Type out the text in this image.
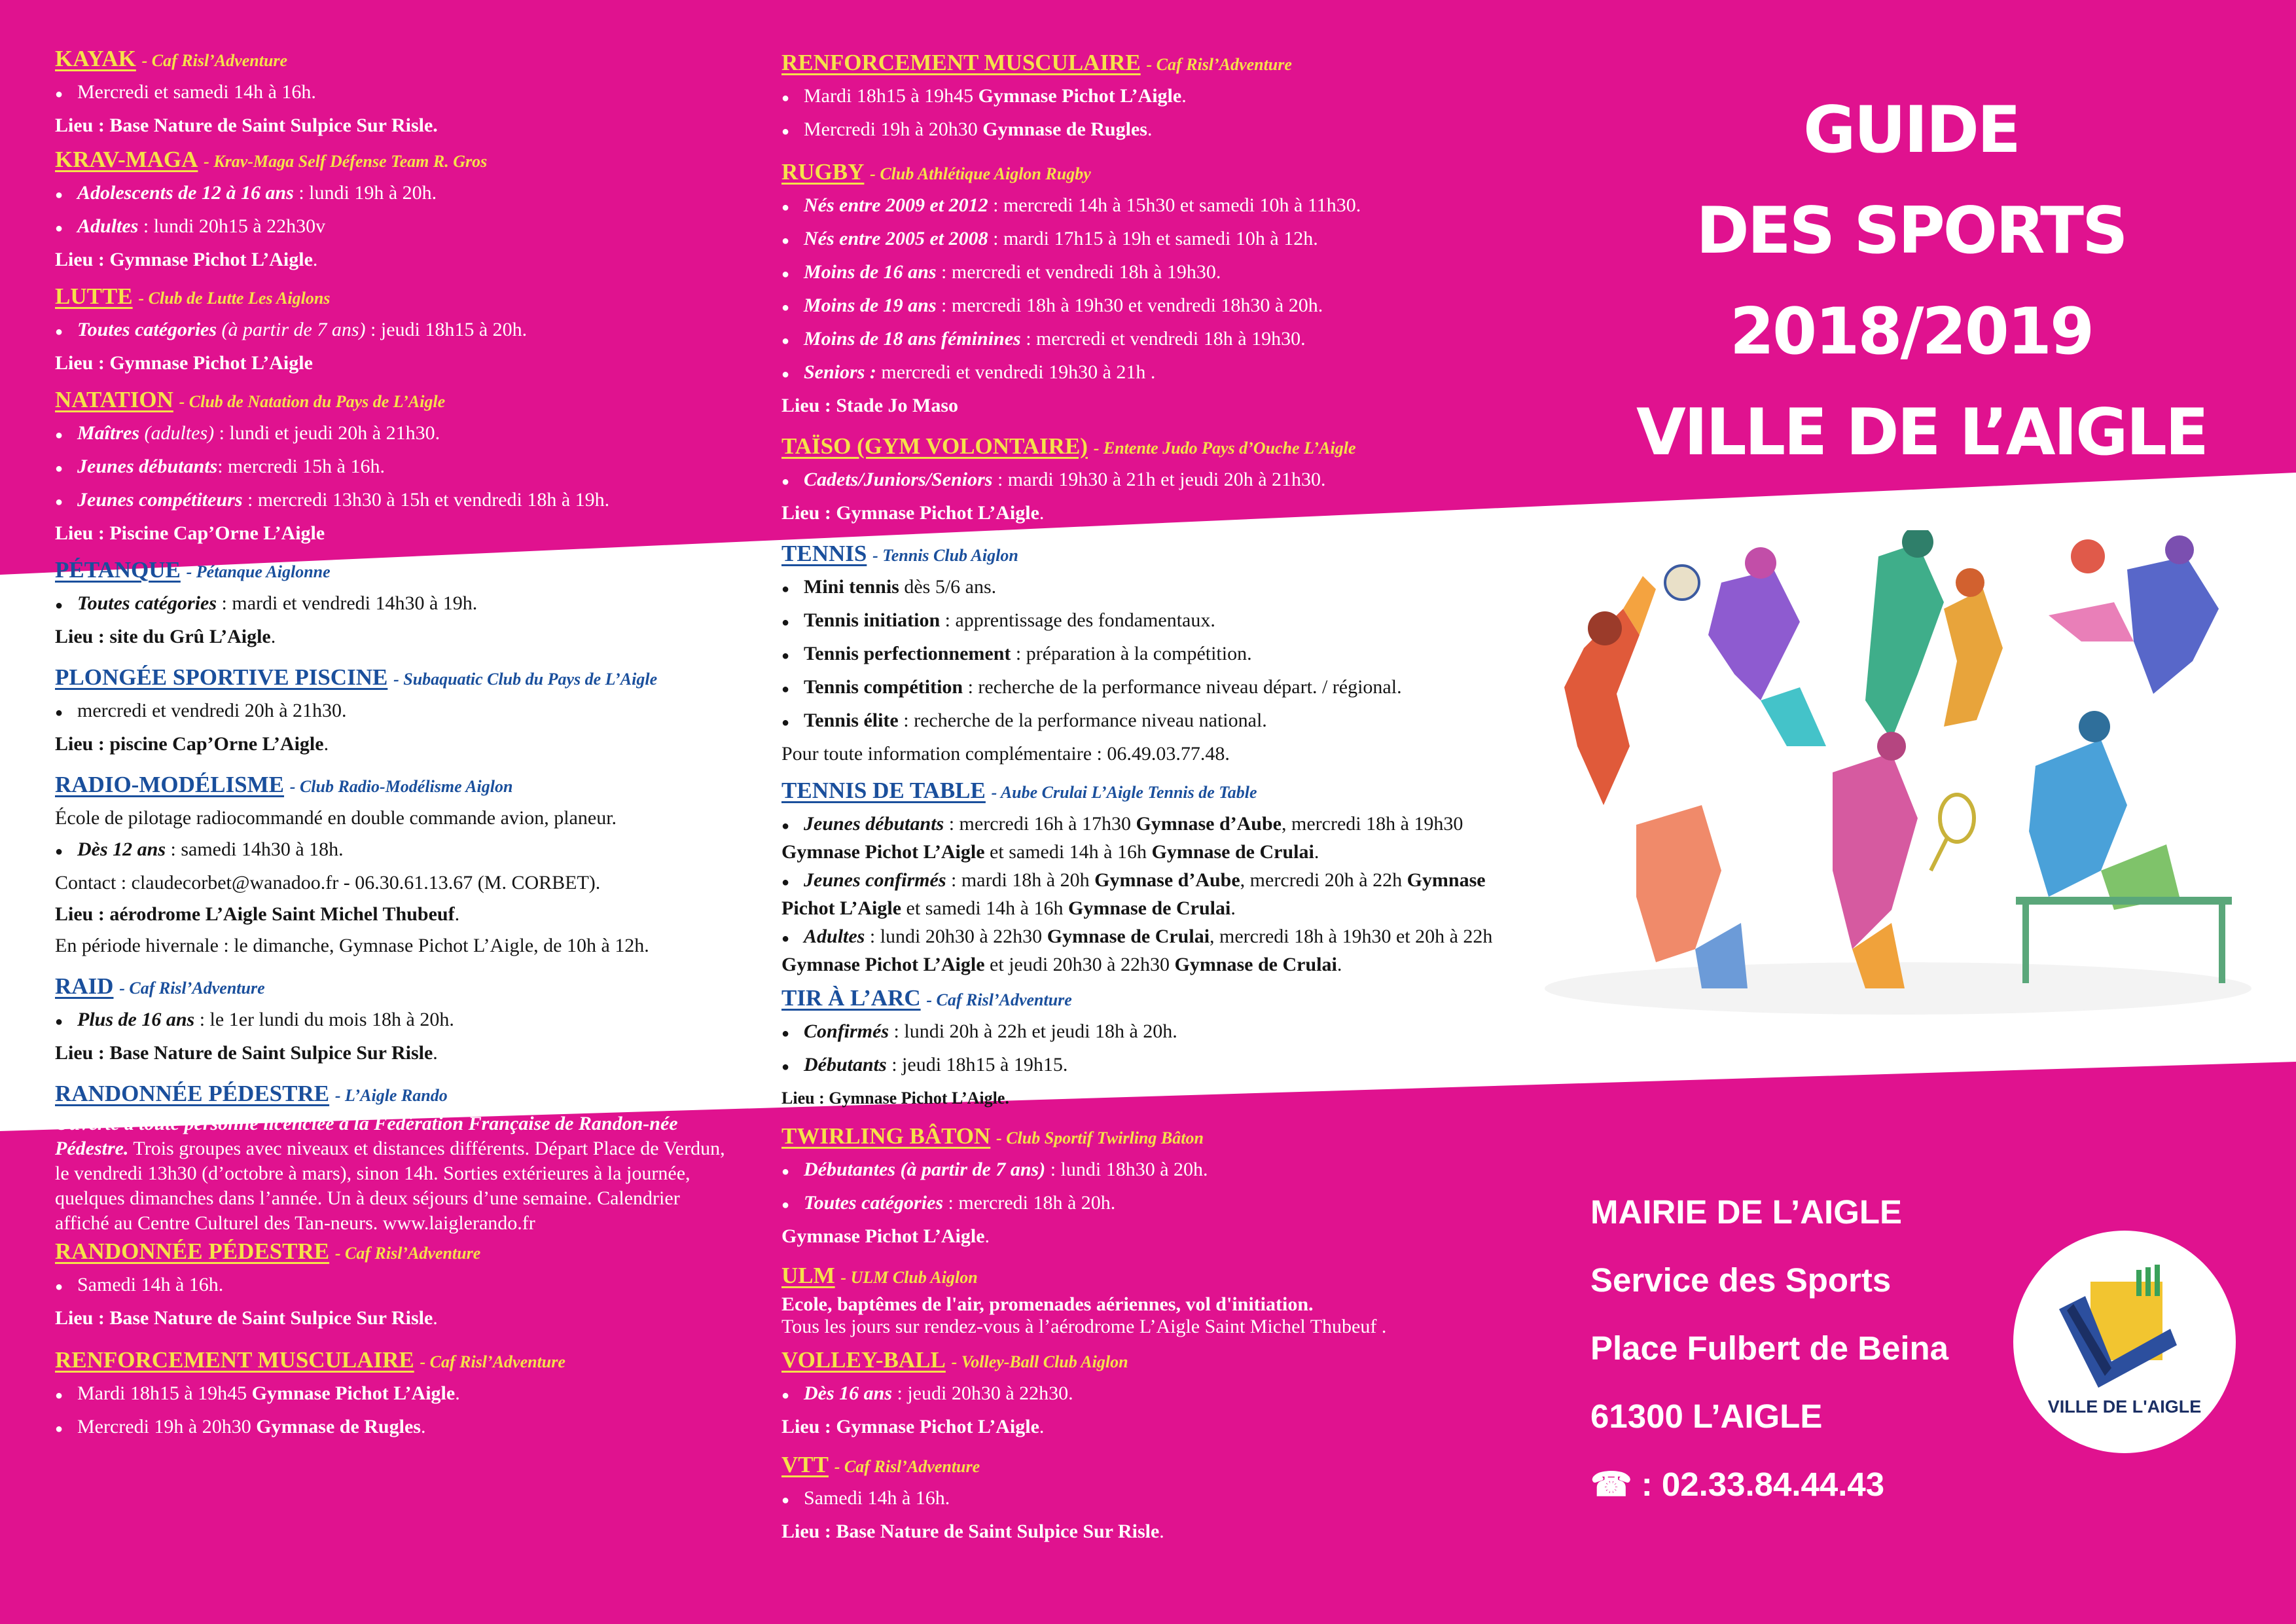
KAYAK - Caf Risl’Adventure
● Mercredi et samedi 14h à 16h.
Lieu : Base Nature de Saint Sulpice Sur Risle.
KRAV-MAGA - Krav-Maga Self Défense Team R. Gros
● Adolescents de 12 à 16 ans : lundi 19h à 20h.
● Adultes : lundi 20h15 à 22h30v
Lieu : Gymnase Pichot L’Aigle.
LUTTE - Club de Lutte Les Aiglons
● Toutes catégories (à partir de 7 ans) : jeudi 18h15 à 20h.
Lieu : Gymnase Pichot L’Aigle
NATATION - Club de Natation du Pays de L’Aigle
● Maîtres (adultes) : lundi et jeudi 20h à 21h30.
● Jeunes débutants: mercredi 15h à 16h.
● Jeunes compétiteurs : mercredi 13h30 à 15h et vendredi 18h à 19h.
Lieu : Piscine Cap’Orne L’Aigle
PÉTANQUE - Pétanque Aiglonne
● Toutes catégories : mardi et vendredi 14h30 à 19h.
Lieu : site du Grû L’Aigle.
PLONGÉE SPORTIVE PISCINE - Subaquatic Club du Pays de L’Aigle
● mercredi et vendredi 20h à 21h30.
Lieu : piscine Cap’Orne L’Aigle.
RADIO-MODÉLISME - Club Radio-Modélisme Aiglon
École de pilotage radiocommandé en double commande avion, planeur.
● Dès 12 ans : samedi 14h30 à 18h.
Contact : claudecorbet@wanadoo.fr - 06.30.61.13.67 (M. CORBET).
Lieu : aérodrome L’Aigle Saint Michel Thubeuf.
En période hivernale : le dimanche, Gymnase Pichot L’Aigle, de 10h à 12h.
RAID - Caf Risl’Adventure
● Plus de 16 ans : le 1er lundi du mois 18h à 20h.
Lieu : Base Nature de Saint Sulpice Sur Risle.
RANDONNÉE PÉDESTRE - L’Aigle Rando

Ouverte à toute personne licenciée à la Fédération Française de Randon-née Pédestre. Trois groupes avec niveaux et distances différents. Départ Place de Verdun, le vendredi 13h30 (d’octobre à mars), sinon 14h. Sorties extérieures à la journée, quelques dimanches dans l’année. Un à deux séjours d’une semaine. Calendrier affiché au Centre Culturel des Tan-neurs. www.laiglerando.fr

RANDONNÉE PÉDESTRE - Caf Risl’Adventure
● Samedi 14h à 16h.
Lieu : Base Nature de Saint Sulpice Sur Risle.
RENFORCEMENT MUSCULAIRE - Caf Risl’Adventure
● Mardi 18h15 à 19h45 Gymnase Pichot L’Aigle.
● Mercredi 19h à 20h30 Gymnase de Rugles.
RENFORCEMENT MUSCULAIRE - Caf Risl’Adventure
● Mardi 18h15 à 19h45 Gymnase Pichot L’Aigle.
● Mercredi 19h à 20h30 Gymnase de Rugles.
RUGBY - Club Athlétique Aiglon Rugby
● Nés entre 2009 et 2012 : mercredi 14h à 15h30 et samedi 10h à 11h30.
● Nés entre 2005 et 2008 : mardi 17h15 à 19h et samedi 10h à 12h.
● Moins de 16 ans : mercredi et vendredi 18h à 19h30.
● Moins de 19 ans : mercredi 18h à 19h30 et vendredi 18h30 à 20h.
● Moins de 18 ans féminines : mercredi et vendredi 18h à 19h30.
● Seniors : mercredi et vendredi 19h30 à 21h .
Lieu : Stade Jo Maso
TAÏSO (GYM VOLONTAIRE) - Entente Judo Pays d’Ouche L’Aigle
● Cadets/Juniors/Seniors : mardi 19h30 à 21h et jeudi 20h à 21h30.
Lieu : Gymnase Pichot L’Aigle.
TENNIS - Tennis Club Aiglon
● Mini tennis dès 5/6 ans.
● Tennis initiation : apprentissage des fondamentaux.
● Tennis perfectionnement : préparation à la compétition.
● Tennis compétition : recherche de la performance niveau départ. / régional.
● Tennis élite : recherche de la performance niveau national.
Pour toute information complémentaire : 06.49.03.77.48.
TENNIS DE TABLE - Aube Crulai L’Aigle Tennis de Table
● Jeunes débutants : mercredi 16h à 17h30 Gymnase d’Aube, mercredi 18h à 19h30 Gymnase Pichot L’Aigle et samedi 14h à 16h Gymnase de Crulai.
● Jeunes confirmés : mardi 18h à 20h Gymnase d’Aube, mercredi 20h à 22h Gymnase Pichot L’Aigle et samedi 14h à 16h Gymnase de Crulai.
● Adultes : lundi 20h30 à 22h30 Gymnase de Crulai, mercredi 18h à 19h30 et 20h à 22h Gymnase Pichot L’Aigle et jeudi 20h30 à 22h30 Gymnase de Crulai.
TIR À L’ARC - Caf Risl’Adventure
● Confirmés : lundi 20h à 22h et jeudi 18h à 20h.
● Débutants : jeudi 18h15 à 19h15.
Lieu : Gymnase Pichot L’Aigle.
TWIRLING BÂTON - Club Sportif Twirling Bâton
● Débutantes (à partir de 7 ans) : lundi 18h30 à 20h.
● Toutes catégories : mercredi 18h à 20h.
Gymnase Pichot L’Aigle.
ULM - ULM Club Aiglon
Ecole, baptêmes de l'air, promenades aériennes, vol d'initiation.
Tous les jours sur rendez-vous à l’aérodrome L’Aigle Saint Michel Thubeuf .
VOLLEY-BALL - Volley-Ball Club Aiglon
● Dès 16 ans : jeudi 20h30 à 22h30.
Lieu : Gymnase Pichot L’Aigle.
VTT - Caf Risl’Adventure
● Samedi 14h à 16h.
Lieu : Base Nature de Saint Sulpice Sur Risle.
GUIDE
DES SPORTS
2018/2019
VILLE DE L’AIGLE
MAIRIE DE L’AIGLE
Service des Sports
Place Fulbert de Beina
61300 L’AIGLE
☎ : 02.33.84.44.43
VILLE DE L'AIGLE
